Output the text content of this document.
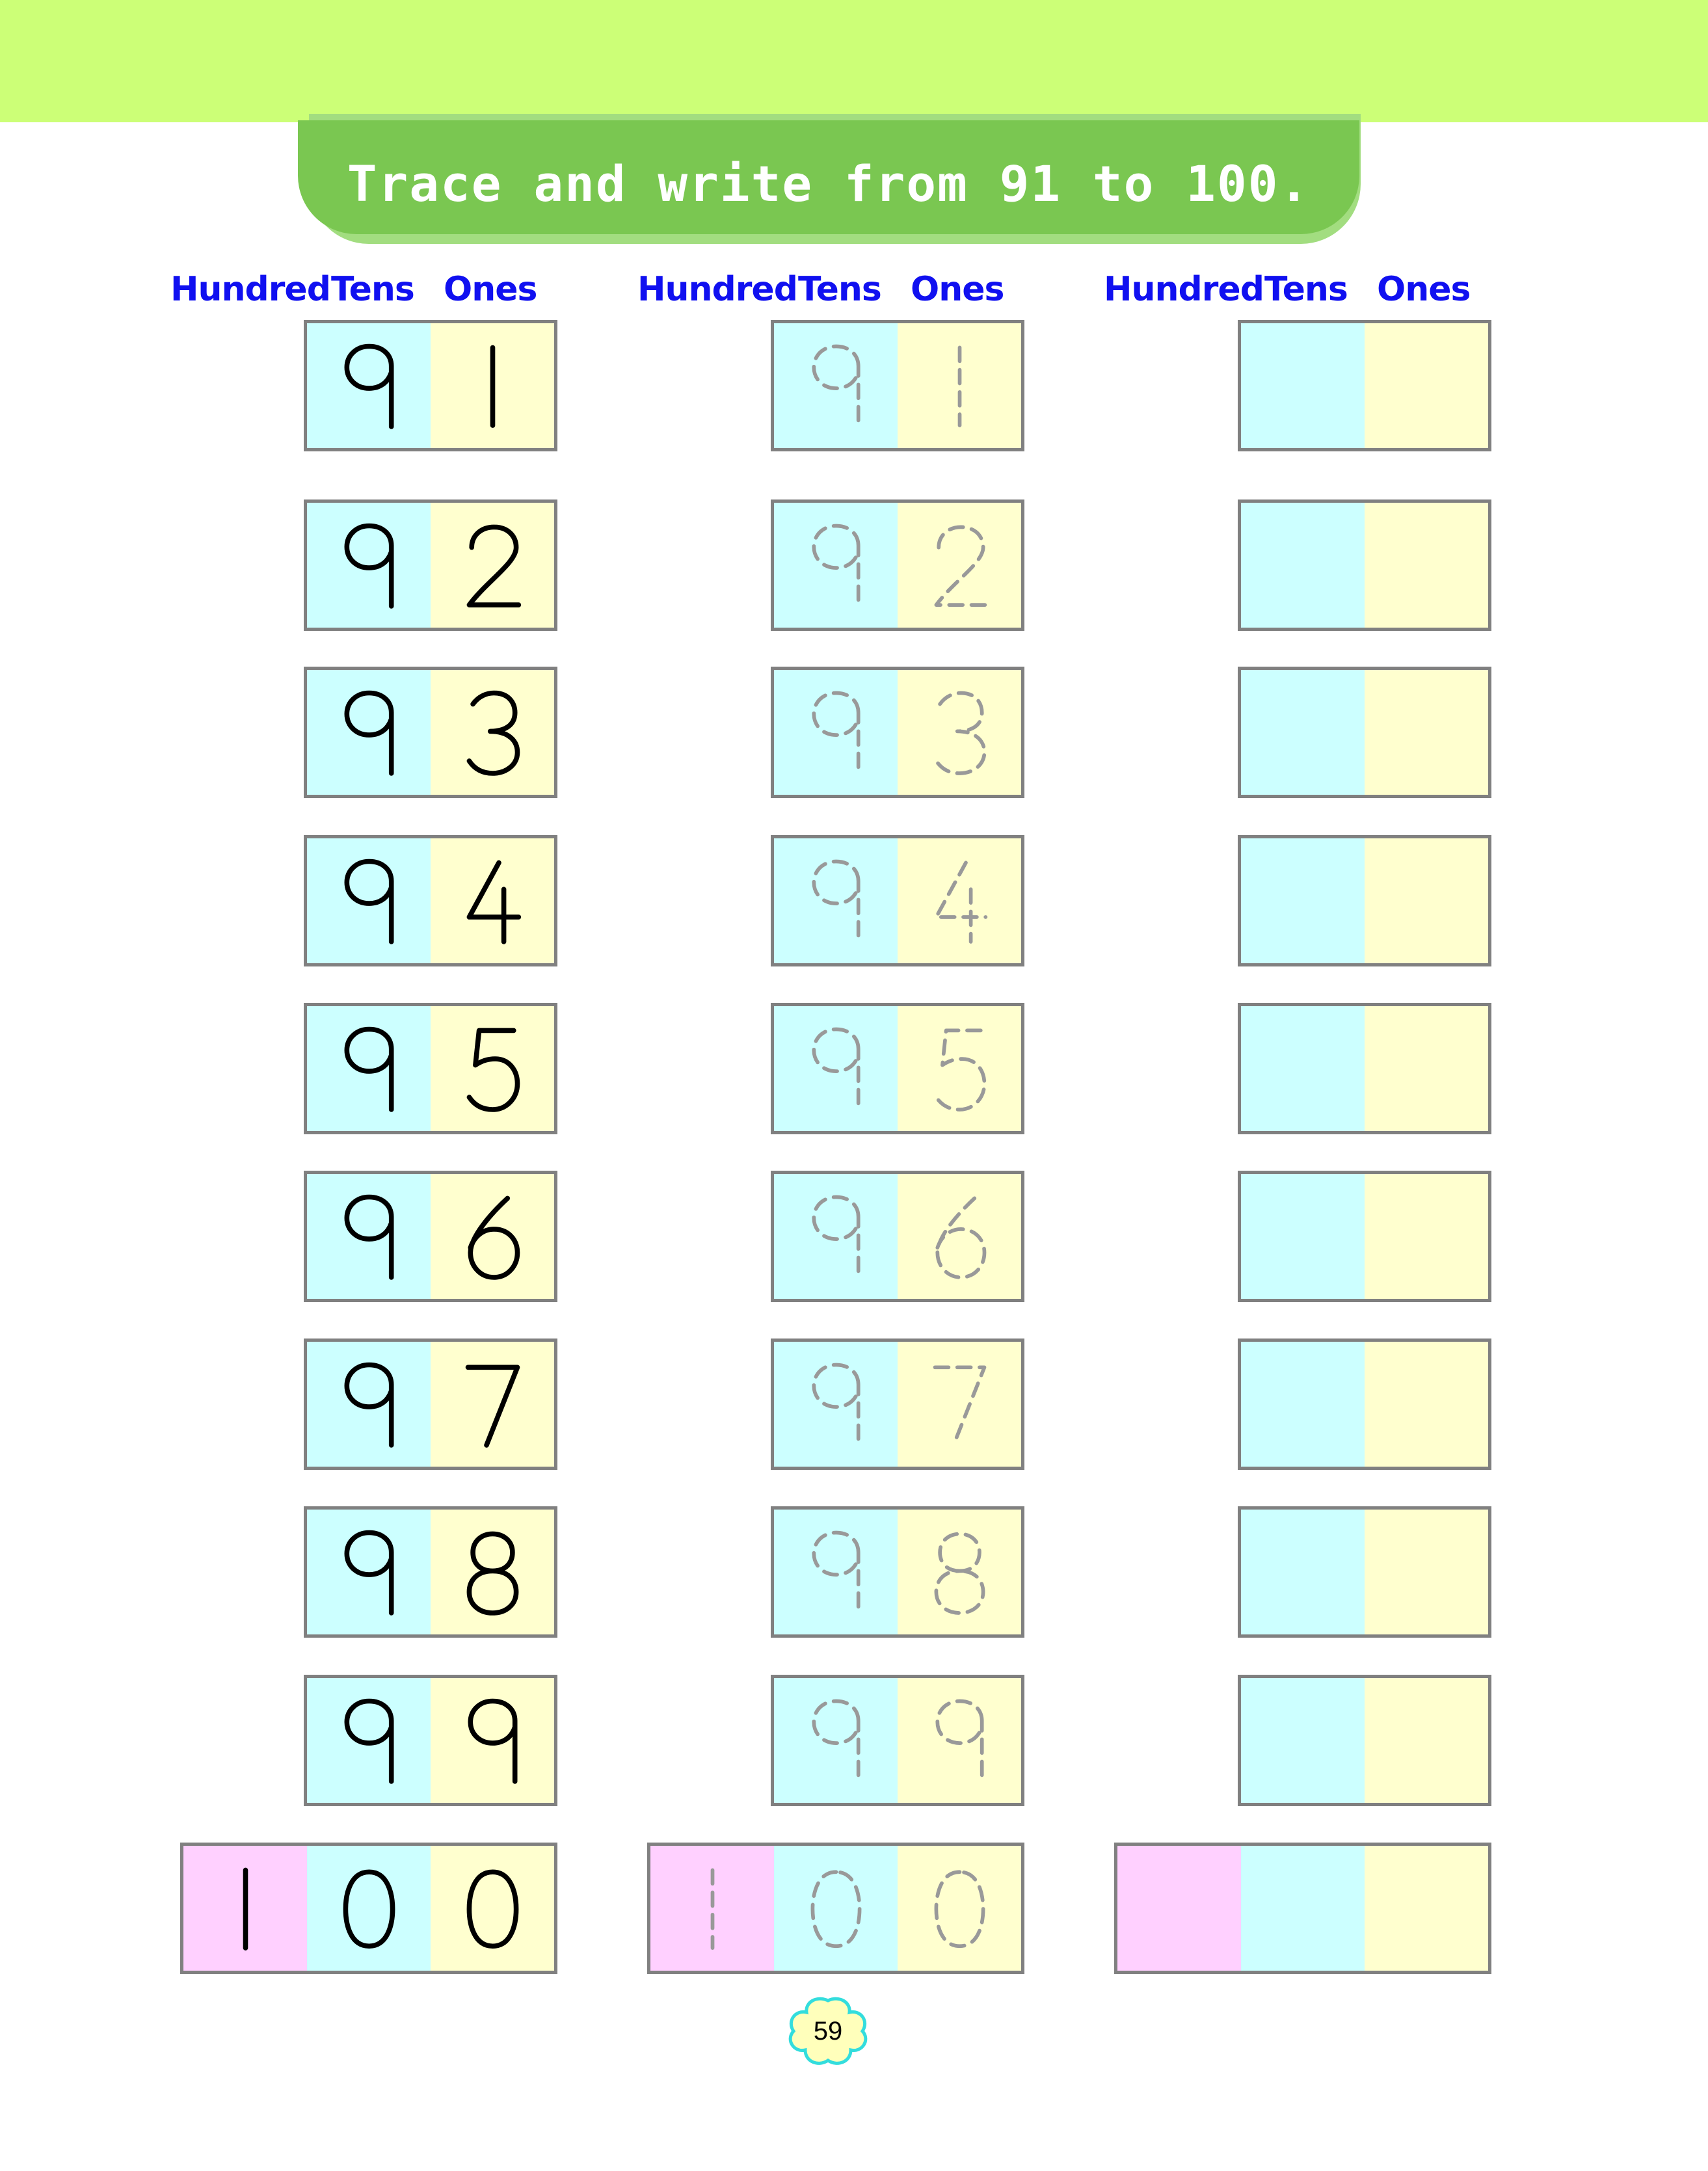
Trace and write from 91 to 100.
Hundred Tens Ones	Hundred Tens Ones	Hundred Tens Ones
59
